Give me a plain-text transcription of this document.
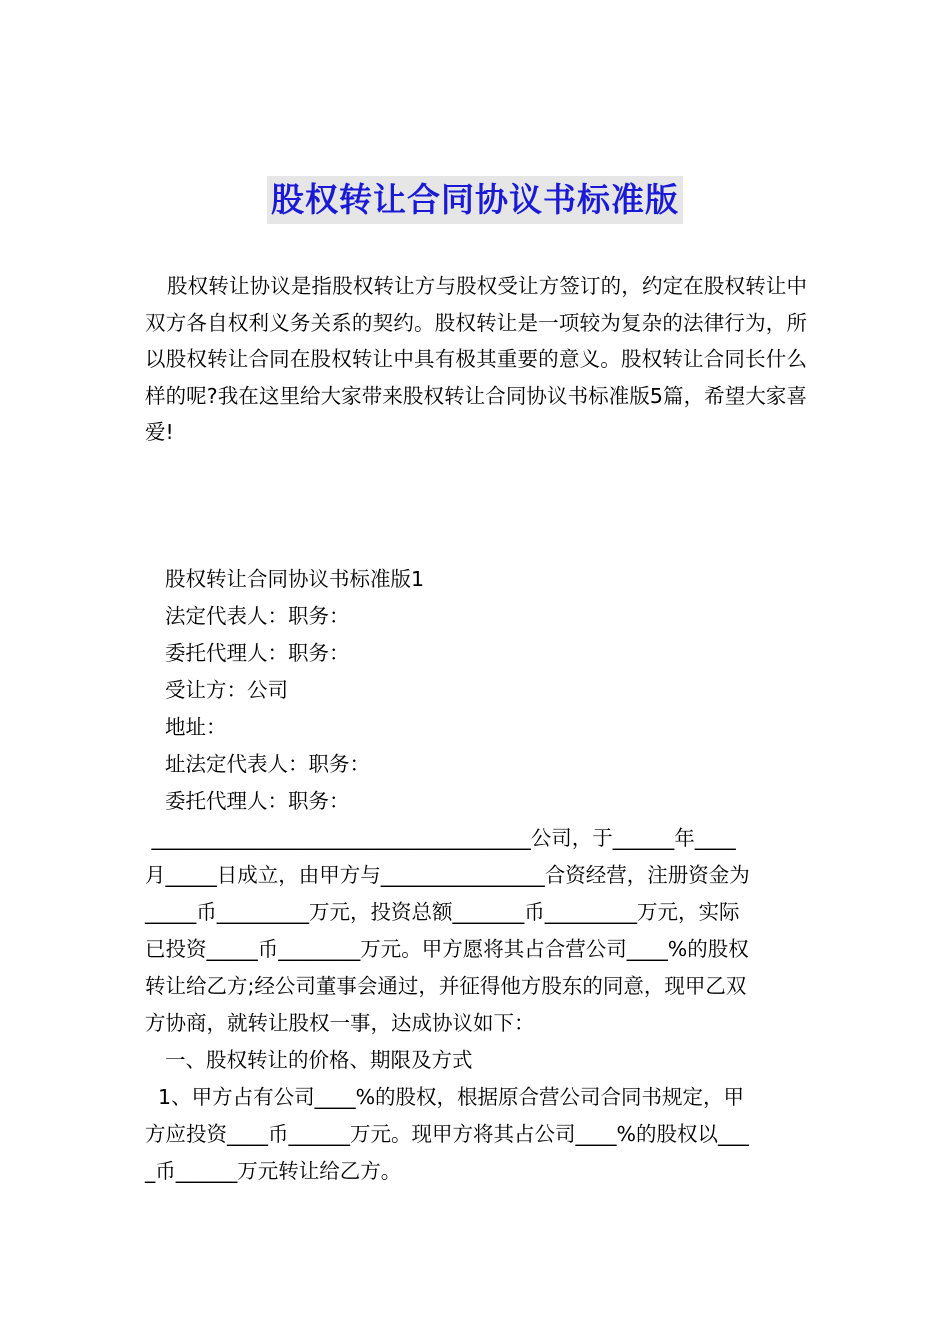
股权转让合同协议书标准版

股权转让协议是指股权转让方与股权受让方签订的，约定在股权转让中双方各自权利义务关系的契约。股权转让是一项较为复杂的法律行为，所以股权转让合同在股权转让中具有极其重要的意义。股权转让合同长什么样的呢?我在这里给大家带来股权转让合同协议书标准版5篇，希望大家喜爱!

股权转让合同协议书标准版1
法定代表人：职务：
委托代理人：职务：
受让方：公司
地址：
址法定代表人：职务：
委托代理人：职务：
_____________________________________公司，于______年____
月_____日成立，由甲方与________________合资经营，注册资金为
_____币_________万元，投资总额_______币_________万元，实际
已投资_____币________万元。甲方愿将其占合营公司____%的股权
转让给乙方;经公司董事会通过，并征得他方股东的同意，现甲乙双
方协商，就转让股权一事，达成协议如下：
一、股权转让的价格、期限及方式
1、甲方占有公司____%的股权，根据原合营公司合同书规定，甲
方应投资____币______万元。现甲方将其占公司____%的股权以___
_币______万元转让给乙方。
